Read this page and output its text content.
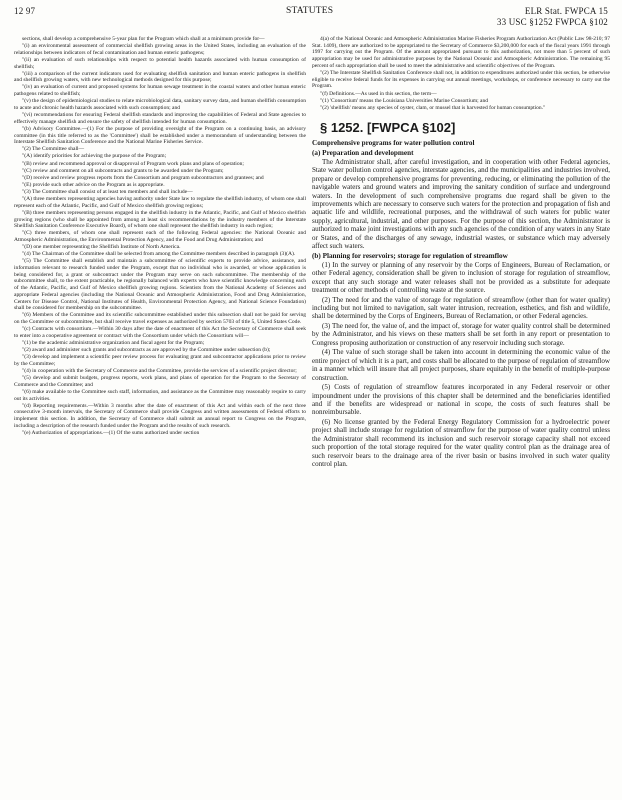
12 97	STATUTES	ELR Stat. FWPCA 15
33 USC §1252 FWPCA §102

sections, shall develop a comprehensive 5-year plan for the Program which shall at a minimum provide for—

"(i) an environmental assessment of commercial shellfish growing areas in the United States, including an evaluation of the relationships between indicators of fecal contamination and human enteric pathogens;

"(ii) an evaluation of such relationships with respect to potential health hazards associated with human consumption of shellfish;

"(iii) a comparison of the current indicators used for evaluating shellfish sanitation and human enteric pathogens in shellfish and shellfish growing waters, with new technological methods designed for this purpose;

"(iv) an evaluation of current and proposed systems for human sewage treatment in the coastal waters and other human enteric pathogens related to shellfish;

"(v) the design of epidemiological studies to relate microbiological data, sanitary survey data, and human shellfish consumption to acute and chronic health hazards associated with such consumption; and

"(vi) recommendations for ensuring Federal shellfish standards and improving the capabilities of Federal and State agencies to effectively manage shellfish and ensure the safety of shellfish intended for human consumption.

"(b) Advisory Committee.—(1) For the purpose of providing oversight of the Program on a continuing basis, an advisory committee (in this title referred to as the 'Committee') shall be established under a memorandum of understanding between the Interstate Shellfish Sanitation Conference and the National Marine Fisheries Service.

"(2) The Committee shall—

"(A) identify priorities for achieving the purpose of the Program;

"(B) review and recommend approval or disapproval of Program work plans and plans of operation;

"(C) review and comment on all subcontracts and grants to be awarded under the Program;

"(D) receive and review progress reports from the Consortium and program subcontractors and grantees; and

"(E) provide such other advice on the Program as is appropriate.

"(3) The Committee shall consist of at least ten members and shall include—

"(A) three members representing agencies having authority under State law to regulate the shellfish industry, of whom one shall represent each of the Atlantic, Pacific, and Gulf of Mexico shellfish growing regions;

"(B) three members representing persons engaged in the shellfish industry in the Atlantic, Pacific, and Gulf of Mexico shellfish growing regions (who shall be appointed from among at least six recommendations by the industry members of the Interstate Shellfish Sanitation Conference Executive Board), of whom one shall represent the shellfish industry in each region;

"(C) three members, of whom one shall represent each of the following Federal agencies: the National Oceanic and Atmospheric Administration, the Environmental Protection Agency, and the Food and Drug Administration; and

"(D) one member representing the Shellfish Institute of North America.

"(4) The Chairman of the Committee shall be selected from among the Committee members described in paragraph (3)(A).

"(5) The Committee shall establish and maintain a subcommittee of scientific experts to provide advice, assistance, and information relevant to research funded under the Program, except that no individual who is awarded, or whose application is being considered for, a grant or subcontract under the Program may serve on such subcommittee. The membership of the subcommittee shall, to the extent practicable, be regionally balanced with experts who have scientific knowledge concerning each of the Atlantic, Pacific, and Gulf of Mexico shellfish growing regions. Scientists from the National Academy of Sciences and appropriate Federal agencies (including the National Oceanic and Atmospheric Administration, Food and Drug Administration, Centers for Disease Control, National Institutes of Health, Environmental Protection Agency, and National Science Foundation) shall be considered for membership on the subcommittee.

"(6) Members of the Committee and its scientific subcommittee established under this subsection shall not be paid for serving on the Committee or subcommittee, but shall receive travel expenses as authorized by section 5703 of title 5, United States Code.

"(c) Contracts with consortium.—Within 30 days after the date of enactment of this Act the Secretary of Commerce shall seek to enter into a cooperative agreement or contract with the Consortium under which the Consortium will—

"(1) be the academic administrative organization and fiscal agent for the Program;

"(2) award and administer such grants and subcontracts as are approved by the Committee under subsection (b);

"(3) develop and implement a scientific peer review process for evaluating grant and subcontractor applications prior to review by the Committee;

"(4) in cooperation with the Secretary of Commerce and the Committee, provide the services of a scientific project director;

"(5) develop and submit budgets, progress reports, work plans, and plans of operation for the Program to the Secretary of Commerce and the Committee; and

"(6) make available to the Committee such staff, information, and assistance as the Committee may reasonably require to carry out its activities.

"(d) Reporting requirements.—Within 3 months after the date of enactment of this Act and within each of the next three consecutive 3-month intervals, the Secretary of Commerce shall provide Congress and written assessments of Federal efforts to implement this section. In addition, the Secretary of Commerce shall submit an annual report to Congress on the Program, including a description of the research funded under the Program and the results of such research.

"(e) Authorization of appropriations.—(1) Of the sums authorized under section

4(a) of the National Oceanic and Atmospheric Administration Marine Fisheries Program Authorization Act (Public Law 98-210; 97 Stat. 1409), there are authorized to be appropriated to the Secretary of Commerce $3,200,000 for each of the fiscal years 1991 through 1997 for carrying out the Program. Of the amount appropriated pursuant to this authorization, not more than 5 percent of such appropriation may be used for administrative purposes by the National Oceanic and Atmospheric Administration. The remaining 95 percent of such appropriation shall be used to meet the administrative and scientific objectives of the Program.

"(2) The Interstate Shellfish Sanitation Conference shall not, in addition to expenditures authorized under this section, be otherwise eligible to receive federal funds for its expenses in carrying out annual meetings, workshops, or conference necessary to carry out the Program.

"(f) Definitions.—As used in this section, the term—

"(1) 'Consortium' means the Louisiana Universities Marine Consortium; and

"(2) 'shellfish' means any species of oyster, clam, or mussel that is harvested for human consumption."

§ 1252. [FWPCA §102]
Comprehensive programs for water pollution control
(a) Preparation and development

The Administrator shall, after careful investigation, and in cooperation with other Federal agencies, State water pollution control agencies, interstate agencies, and the municipalities and industries involved, prepare or develop comprehensive programs for preventing, reducing, or eliminating the pollution of the navigable waters and ground waters and improving the sanitary condition of surface and underground waters. In the development of such comprehensive programs due regard shall be given to the improvements which are necessary to conserve such waters for the protection and propagation of fish and aquatic life and wildlife, recreational purposes, and the withdrawal of such waters for public water supply, agricultural, industrial, and other purposes. For the purpose of this section, the Administrator is authorized to make joint investigations with any such agencies of the condition of any waters in any State or States, and of the discharges of any sewage, industrial wastes, or substance which may adversely affect such waters.

(b) Planning for reservoirs; storage for regulation of streamflow

(1) In the survey or planning of any reservoir by the Corps of Engineers, Bureau of Reclamation, or other Federal agency, consideration shall be given to inclusion of storage for regulation of streamflow, except that any such storage and water releases shall not be provided as a substitute for adequate treatment or other methods of controlling waste at the source.

(2) The need for and the value of storage for regulation of streamflow (other than for water quality) including but not limited to navigation, salt water intrusion, recreation, esthetics, and fish and wildlife, shall be determined by the Corps of Engineers, Bureau of Reclamation, or other Federal agencies.

(3) The need for, the value of, and the impact of, storage for water quality control shall be determined by the Administrator, and his views on these matters shall be set forth in any report or presentation to Congress proposing authorization or construction of any reservoir including such storage.

(4) The value of such storage shall be taken into account in determining the economic value of the entire project of which it is a part, and costs shall be allocated to the purpose of regulation of streamflow in a manner which will insure that all project purposes, share equitably in the benefit of multiple-purpose construction.

(5) Costs of regulation of streamflow features incorporated in any Federal reservoir or other impoundment under the provisions of this chapter shall be determined and the beneficiaries identified and if the benefits are widespread or national in scope, the costs of such features shall be nonreimbursable.

(6) No license granted by the Federal Energy Regulatory Commission for a hydroelectric power project shall include storage for regulation of streamflow for the purpose of water quality control unless the Administrator shall recommend its inclusion and such reservoir storage capacity shall not exceed such proportion of the total storage required for the water quality control plan as the drainage area of such reservoir bears to the drainage area of the river basin or basins involved in such water quality control plan.
